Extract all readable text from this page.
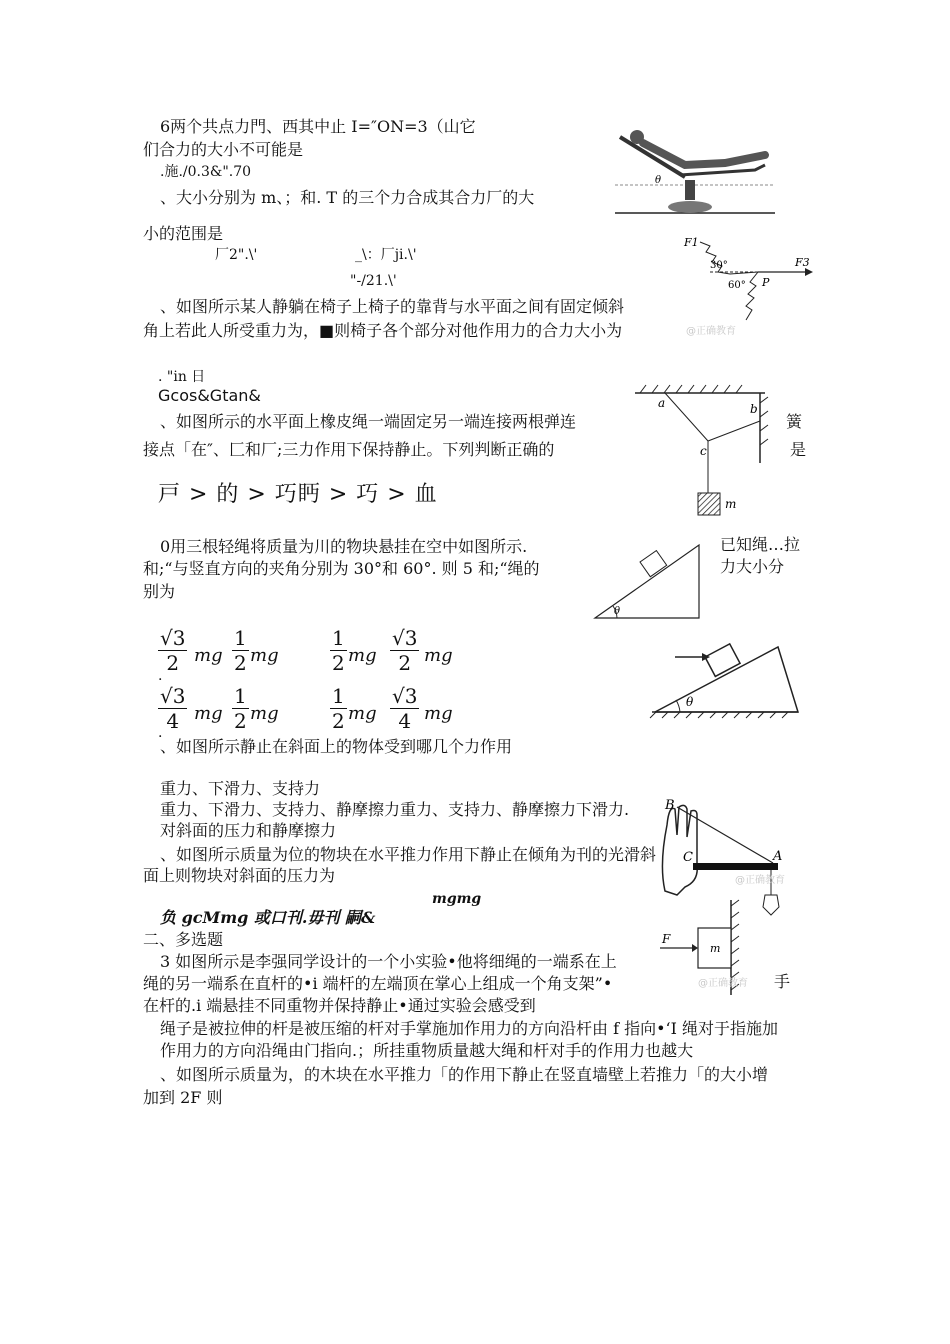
6两个共点力門、西其中止 I=″ON=3（山它
们合力的大小不可能是
.施./0.3&".70
、大小分别为 m、；和. T 的三个力合成其合力厂的大
小的范围是
厂2".\'	_\：厂ji.\'
"-/21.\'
、如图所示某人静躺在椅子上椅子的靠背与水平面之间有固定倾斜
角上若此人所受重力为，■则椅子各个部分对他作用力的合力大小为
. "in 日
Gcos&Gtan&
、如图所示的水平面上橡皮绳一端固定另一端连接两根弹连	簧
接点「在″、匚和厂;三力作用下保持静止。下列判断正确的	是
戸 > 的 > 巧眄 > 巧 > 血
0用三根轻绳将质量为川的物块悬挂在空中如图所示.	已知绳…拉
和;“与竖直方向的夹角分别为 30°和 60°. 则 5 和;“绳的	力大小分
别为
$\frac{√3}{2}$ mg $\frac{1}{2}$ mg	$\frac{1}{2}$ mg $\frac{√3}{2}$ mg
.
$\frac{√3}{4}$ mg $\frac{1}{2}$ mg	$\frac{1}{2}$ mg $\frac{√3}{4}$ mg
.
、如图所示静止在斜面上的物体受到哪几个力作用
重力、下滑力、支持力
重力、下滑力、支持力、静摩擦力重力、支持力、静摩擦力下滑力.
对斜面的压力和静摩擦力
、如图所示质量为位的物块在水平推力作用下静止在倾角为刊的光滑斜
面上则物块对斜面的压力为
mgmg
负 gcMmg 或口刊.毋刊 嗣&
二、多选题
3 如图所示是李强同学设计的一个小实验•他将细绳的一端系在上
绳的另一端系在直杆的•i 端杆的左端顶在掌心上组成一个角支架”•	手
在杆的.i 端悬挂不同重物并保持静止•通过实验会感受到
绳子是被拉伸的杆是被压缩的杆对手掌施加作用力的方向沿杆由 f 指向•‘I 绳对于指施加
作用力的方向沿绳由门指向.；所挂重物质量越大绳和杆对手的作用力也越大
、如图所示质量为，的木块在水平推力「的作用下静止在竖直墙壁上若推力「的大小增
加到 2F 则
θ
F1
F3
P
30°
60°
@正确教育
a	b
c
m
θ
θ
B
C	A
@正确教育
F
m
@正确教育
